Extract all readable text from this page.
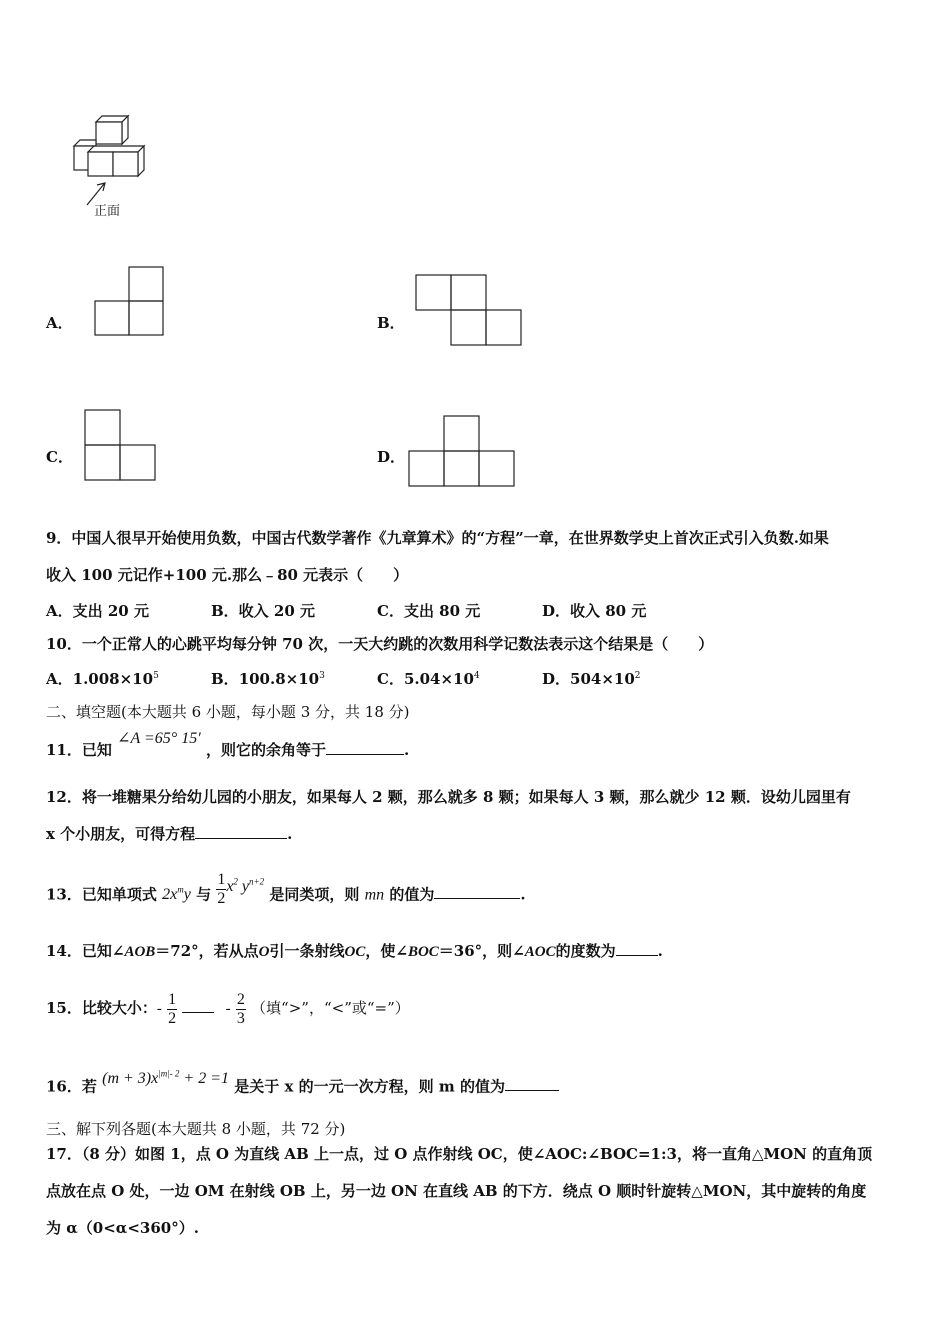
正面
A．	B．
C．	D．
9．中国人很早开始使用负数，中国古代数学著作《九章算术》的“方程”一章，在世界数学史上首次正式引入负数.如果
收入 100 元记作+100 元.那么﹣80 元表示（　　）
A．支出 20 元	B．收入 20 元	C．支出 80 元	D．收入 80 元
10．一个正常人的心跳平均每分钟 70 次，一天大约跳的次数用科学记数法表示这个结果是（　　）
A．$1.008\times 10^5$	B．$100.8\times 10^3$	C．$5.04\times 10^4$	D．$504\times 10^2$
二、填空题(本大题共 6 小题，每小题 3 分，共 18 分)
11．已知 ∠A =65° 15′ ，则它的余角等于	.
12．将一堆糖果分给幼儿园的小朋友，如果每人 2 颗，那么就多 8 颗；如果每人 3 颗，那么就少 12 颗．设幼儿园里有
x 个小朋友，可得方程	.
13．已知单项式 $2x^my$ 与 $\frac{1}{2} x^2$ $y^{n+2}$ 是同类项，则 mn 的值为	.
14．已知∠AOB＝72°，若从点O引一条射线OC，使∠BOC＝36°，则∠AOC的度数为	.
15．比较大小：- $\frac{1}{2}$	- $\frac{2}{3}$ （填“>”，“<”或“=”）
16．若 $(m + 3)x^{|m|- 2} + 2 =1$ 是关于 x 的一元一次方程，则 m 的值为
三、解下列各题(本大题共 8 小题，共 72 分)
17．（8 分）如图 1，点 O 为直线 AB 上一点，过 O 点作射线 OC，使∠AOC:∠BOC=1:3，将一直角△MON 的直角顶
点放在点 O 处，一边 OM 在射线 OB 上，另一边 ON 在直线 AB 的下方．绕点 O 顺时针旋转△MON，其中旋转的角度
为 α（0<α<360°）.
